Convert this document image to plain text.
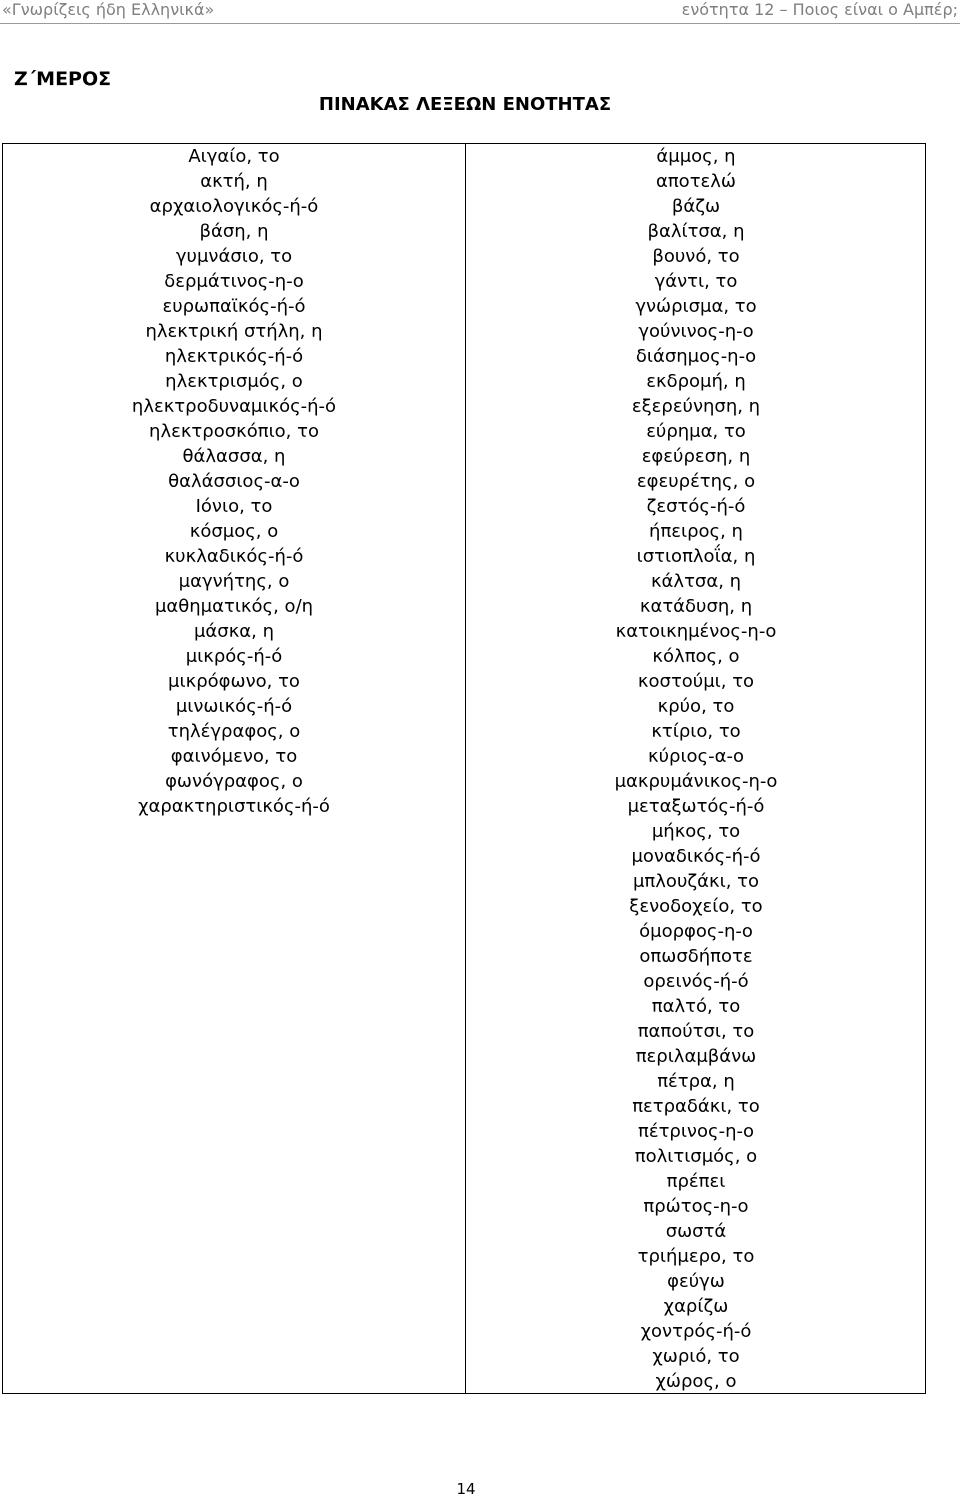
«Γνωρίζεις ήδη Ελληνικά»	ενότητα 12 – Ποιος είναι ο Αμπέρ;
Ζ΄ΜΕΡΟΣ
ΠΙΝΑΚΑΣ ΛΕΞΕΩΝ ΕΝΟΤΗΤΑΣ
Αιγαίο, το
ακτή, η
αρχαιολογικός-ή-ό
βάση, η
γυμνάσιο, το
δερμάτινος-η-ο
ευρωπαϊκός-ή-ό
ηλεκτρική στήλη, η
ηλεκτρικός-ή-ό
ηλεκτρισμός, ο
ηλεκτροδυναμικός-ή-ό
ηλεκτροσκόπιο, το
θάλασσα, η
θαλάσσιος-α-ο
Ιόνιο, το
κόσμος, ο
κυκλαδικός-ή-ό
μαγνήτης, ο
μαθηματικός, ο/η
μάσκα, η
μικρός-ή-ό
μικρόφωνο, το
μινωικός-ή-ό
τηλέγραφος, ο
φαινόμενο, το
φωνόγραφος, ο
χαρακτηριστικός-ή-ό
άμμος, η
αποτελώ
βάζω
βαλίτσα, η
βουνό, το
γάντι, το
γνώρισμα, το
γούνινος-η-ο
διάσημος-η-ο
εκδρομή, η
εξερεύνηση, η
εύρημα, το
εφεύρεση, η
εφευρέτης, ο
ζεστός-ή-ό
ήπειρος, η
ιστιοπλοΐα, η
κάλτσα, η
κατάδυση, η
κατοικημένος-η-ο
κόλπος, ο
κοστούμι, το
κρύο, το
κτίριο, το
κύριος-α-ο
μακρυμάνικος-η-ο
μεταξωτός-ή-ό
μήκος, το
μοναδικός-ή-ό
μπλουζάκι, το
ξενοδοχείο, το
όμορφος-η-ο
οπωσδήποτε
ορεινός-ή-ό
παλτό, το
παπούτσι, το
περιλαμβάνω
πέτρα, η
πετραδάκι, το
πέτρινος-η-ο
πολιτισμός, ο
πρέπει
πρώτος-η-ο
σωστά
τριήμερο, το
φεύγω
χαρίζω
χοντρός-ή-ό
χωριό, το
χώρος, ο
14
